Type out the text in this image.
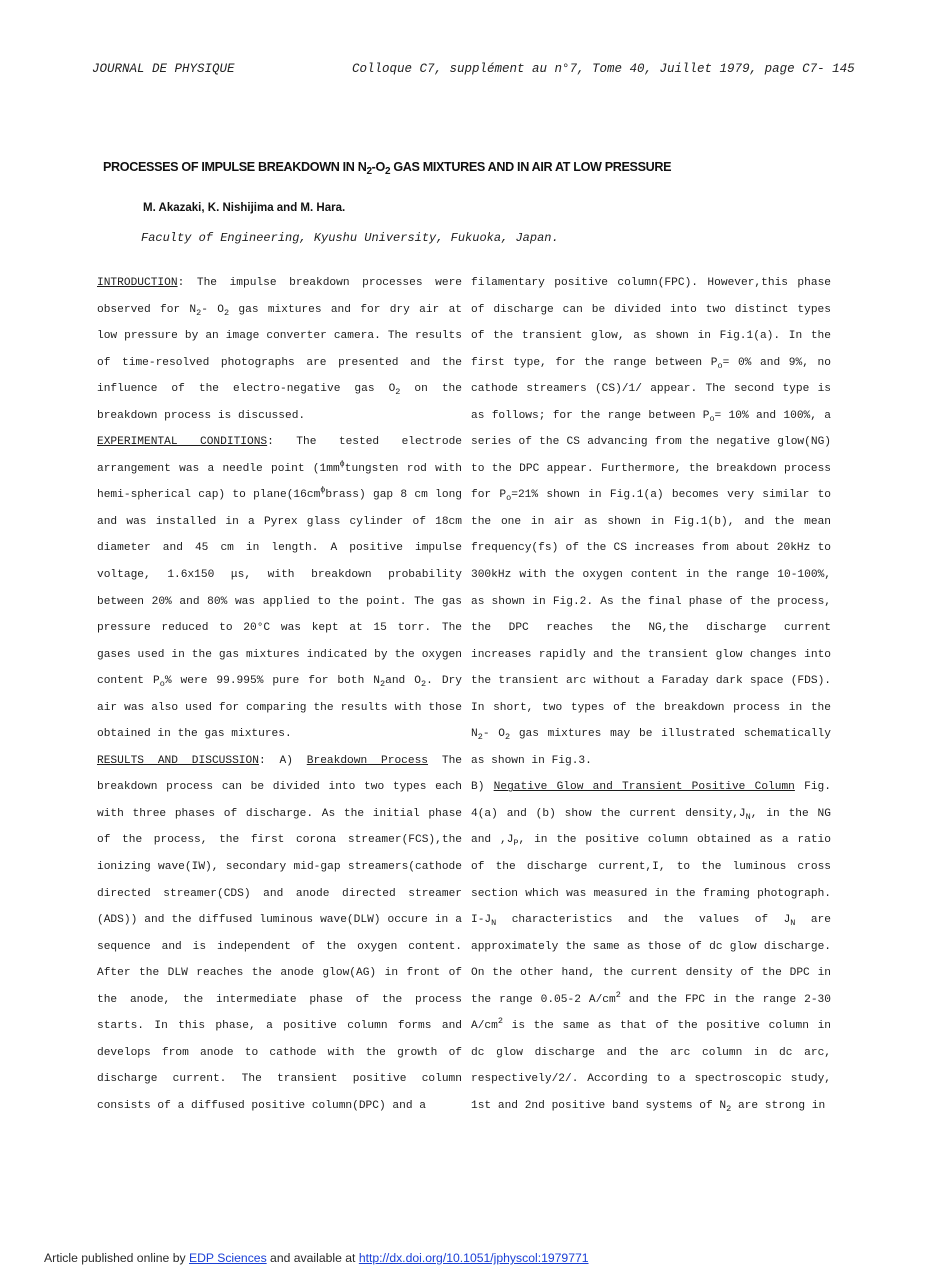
JOURNAL DE PHYSIQUE	Colloque C7, supplément au n°7, Tome 40, Juillet 1979, page C7- 145
PROCESSES OF IMPULSE BREAKDOWN IN $N_2-O_2$ GAS MIXTURES AND IN AIR AT LOW PRESSURE
M. Akazaki, K. Nishijima and M. Hara.
Faculty of Engineering, Kyushu University, Fukuoka, Japan.

INTRODUCTION: The impulse breakdown processes were observed for $N_2-$ $O_2$ gas mixtures and for dry air at low pressure by an image converter camera. The results of time-resolved photographs are presented and the influence of the electro-negative gas $O_2$ on the breakdown process is discussed.

EXPERIMENTAL CONDITIONS: The tested electrode arrangement was a needle point ($1mm^\phi tungsten$ rod with hemi-spherical cap) to $plane(16cm^\phi brass)$ gap 8 cm long and was installed in a Pyrex glass cylinder of 18cm diameter and 45 cm in length. A positive impulse voltage, 1.6x150 μs, with breakdown probability between 20% and 80% was applied to the point. The gas pressure reduced to 20°C was kept at 15 torr. The gases used in the gas mixtures indicated by the oxygen content $P_o\%$ were 99.995% pure for both $N_2and$ $O_2$. Dry air was also used for comparing the results with those obtained in the gas mixtures.

RESULTS AND DISCUSSION: A) Breakdown Process The breakdown process can be divided into two types each with three phases of discharge. As the initial phase of the process, the first corona streamer(FCS),the ionizing wave(IW), secondary mid-gap streamers(cathode directed streamer(CDS) and anode directed streamer (ADS)) and the diffused luminous wave(DLW) occure in a sequence and is independent of the oxygen content. After the DLW reaches the anode glow(AG) in front of the anode, the intermediate phase of the process starts. In this phase, a positive column forms and develops from anode to cathode with the growth of discharge current. The transient positive column consists of a diffused positive column(DPC) and a

filamentary positive column(FPC). However,this phase of discharge can be divided into two distinct types of the transient glow, as shown in Fig.1(a). In the first type, for the range between $P_o= 0\%$ and 9%, no cathode streamers (CS)/1/ appear. The second type is as follows; for the range between $P_o= 10\%$ and 100%, a series of the CS advancing from the negative glow(NG) to the DPC appear. Furthermore, the breakdown process for $P_o=21\%$ shown in Fig.1(a) becomes very similar to the one in air as shown in Fig.1(b), and the mean frequency(fs) of the CS increases from about 20kHz to 300kHz with the oxygen content in the range 10-100%, as shown in Fig.2. As the final phase of the process, the DPC reaches the NG,the discharge current increases rapidly and the transient glow changes into the transient arc without a Faraday dark space (FDS). In short, two types of the breakdown process in the $N_2-$ $O_2$ gas mixtures may be illustrated schematically as shown in Fig.3.

B) Negative Glow and Transient Positive Column Fig. 4(a) and (b) show the current $density,J_N$, in the NG and $,J_P$, in the positive column obtained as a ratio of the discharge current,I, to the luminous cross section which was measured in the framing photograph. $I-J_N$ characteristics and the values of $J_N$ are approximately the same as those of dc glow discharge. On the other hand, the current density of the DPC in the range 0.05-2 $A/cm^2$ and the FPC in the range 2-30 $A/cm^2$ is the same as that of the positive column in dc glow discharge and the arc column in dc arc, respectively/2/. According to a spectroscopic study, 1st and 2nd positive band systems of $N_2$ are strong in

Article published online by EDP Sciences and available at http://dx.doi.org/10.1051/jphyscol:1979771
